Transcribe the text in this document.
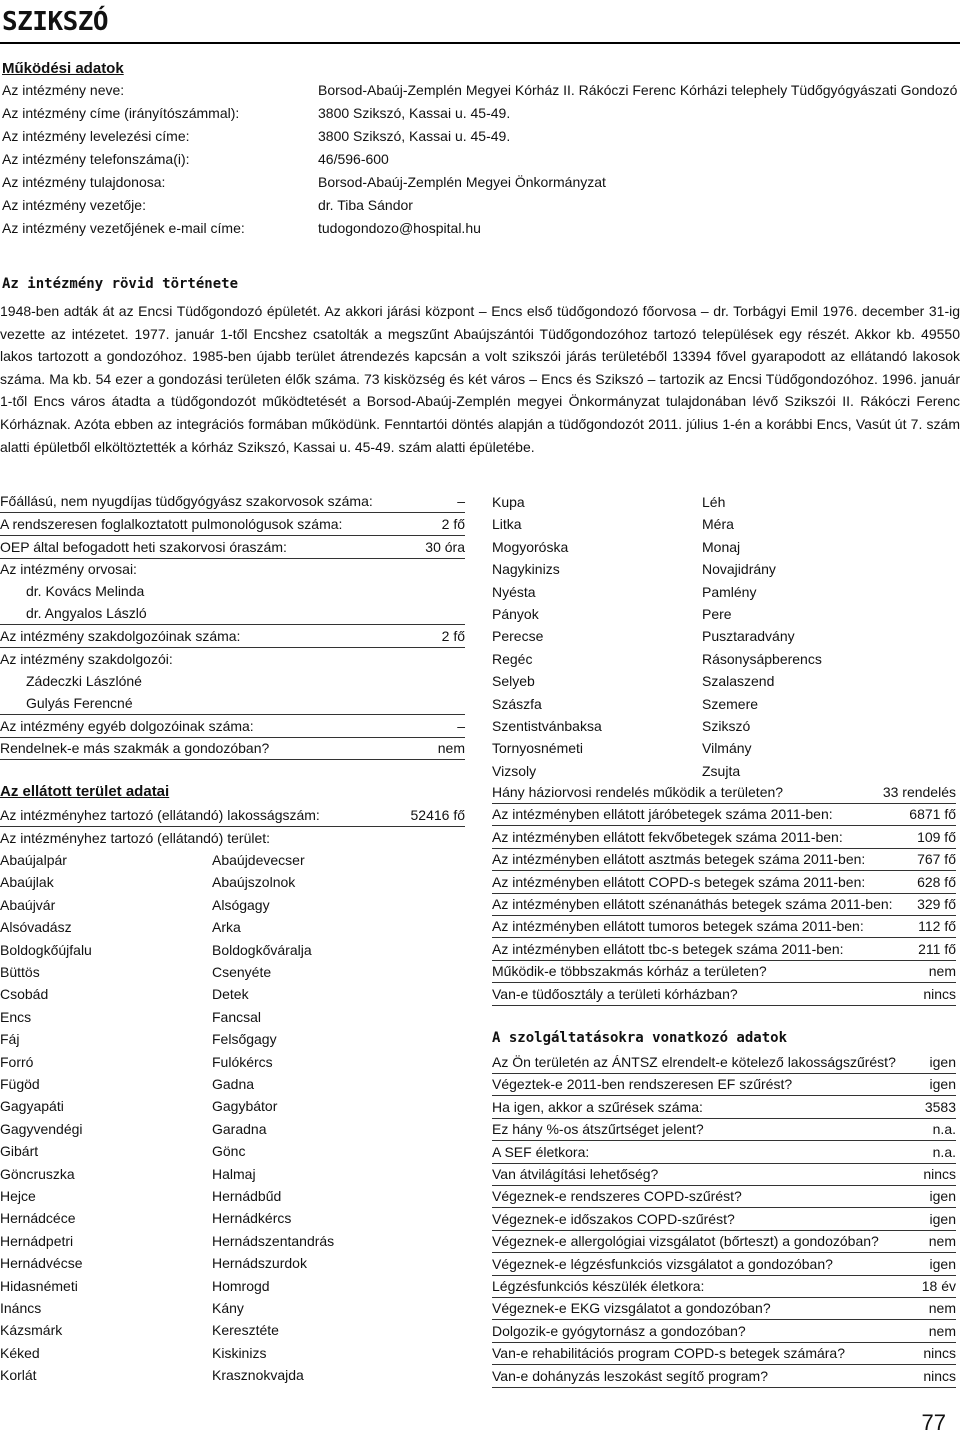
SZIKSZÓ
Működési adatok
Az intézmény neve:	Borsod-Abaúj-Zemplén Megyei Kórház II. Rákóczi Ferenc Kórházi telephely Tüdőgyógyászati Gondozó
Az intézmény címe (irányítószámmal):	3800 Szikszó, Kassai u. 45-49.
Az intézmény levelezési címe:	3800 Szikszó, Kassai u. 45-49.
Az intézmény telefonszáma(i):	46/596-600
Az intézmény tulajdonosa:	Borsod-Abaúj-Zemplén Megyei Önkormányzat
Az intézmény vezetője:	dr. Tiba Sándor
Az intézmény vezetőjének e-mail címe:	tudogondozo@hospital.hu
Az intézmény rövid története
1948-ben adták át az Encsi Tüdőgondozó épületét. Az akkori járási központ – Encs első tüdőgondozó főorvosa – dr. Torbágyi Emil 1976. december 31-ig vezette az intézetet. 1977. január 1-től Encshez csatolták a megszűnt Abaújszántói Tüdőgondozóhoz tartozó települések egy részét. Akkor kb. 49550 lakos tartozott a gondozóhoz. 1985-ben újabb terület átrendezés kapcsán a volt szikszói járás területéből 13394 fővel gyarapodott az ellátandó lakosok száma. Ma kb. 54 ezer a gondozási területen élők száma. 73 kisközség és két város – Encs és Szikszó – tartozik az Encsi Tüdőgondozóhoz. 1996. január 1-től Encs város átadta a tüdőgondozót működtetését a Borsod-Abaúj-Zemplén megyei Önkormányzat tulajdonában lévő Szikszói II. Rákóczi Ferenc Kórháznak. Azóta ebben az integrációs formában működünk. Fenntartói döntés alapján a tüdőgondozót 2011. július 1-én a korábbi Encs, Vasút út 7. szám alatti épületből elköltöztették a kórház Szikszó, Kassai u. 45-49. szám alatti épületébe.
Főállású, nem nyugdíjas tüdőgyógyász szakorvosok száma:	–
A rendszeresen foglalkoztatott pulmonológusok száma:	2 fő
OEP által befogadott heti szakorvosi óraszám:	30 óra
Az intézmény orvosai:
dr. Kovács Melinda
dr. Angyalos László
Az intézmény szakdolgozóinak száma:	2 fő
Az intézmény szakdolgozói:
Zádeczki Lászlóné
Gulyás Ferencné
Az intézmény egyéb dolgozóinak száma:	–
Rendelnek-e más szakmák a gondozóban?	nem
Az ellátott terület adatai
Az intézményhez tartozó (ellátandó) lakosságszám:	52416 fő
Az intézményhez tartozó (ellátandó) terület:
Abaújalpár	Abaújdevecser
Abaújlak	Abaújszolnok
Abaújvár	Alsógagy
Alsóvadász	Arka
Boldogkőújfalu	Boldogkőváralja
Büttös	Csenyéte
Csobád	Detek
Encs	Fancsal
Fáj	Felsőgagy
Forró	Fulókércs
Fügöd	Gadna
Gagyapáti	Gagybátor
Gagyvendégi	Garadna
Gibárt	Gönc
Göncruszka	Halmaj
Hejce	Hernádbűd
Hernádcéce	Hernádkércs
Hernádpetri	Hernádszentandrás
Hernádvécse	Hernádszurdok
Hidasnémeti	Homrogd
Ináncs	Kány
Kázsmárk	Keresztéte
Kéked	Kiskinizs
Korlát	Krasznokvajda
Kupa	Léh
Litka	Méra
Mogyoróska	Monaj
Nagykinizs	Novajidrány
Nyésta	Pamlény
Pányok	Pere
Perecse	Pusztaradvány
Regéc	Rásonysápberencs
Selyeb	Szalaszend
Szászfa	Szemere
Szentistvánbaksa	Szikszó
Tornyosnémeti	Vilmány
Vizsoly	Zsujta
Hány háziorvosi rendelés működik a területen?	33 rendelés
Az intézményben ellátott járóbetegek száma 2011-ben:	6871 fő
Az intézményben ellátott fekvőbetegek száma 2011-ben:	109 fő
Az intézményben ellátott asztmás betegek száma 2011-ben:	767 fő
Az intézményben ellátott COPD-s betegek száma 2011-ben:	628 fő
Az intézményben ellátott szénanáthás betegek száma 2011-ben: 329 fő
Az intézményben ellátott tumoros betegek száma 2011-ben:	112 fő
Az intézményben ellátott tbc-s betegek száma 2011-ben:	211 fő
Működik-e többszakmás kórház a területen?	nem
Van-e tüdőosztály a területi kórházban?	nincs
A szolgáltatásokra vonatkozó adatok
Az Ön területén az ÁNTSZ elrendelt-e kötelező lakosságszűrést? igen
Végeztek-e 2011-ben rendszeresen EF szűrést?	igen
Ha igen, akkor a szűrések száma:	3583
Ez hány %-os átszűrtséget jelent?	n.a.
A SEF életkora:	n.a.
Van átvilágítási lehetőség?	nincs
Végeznek-e rendszeres COPD-szűrést?	igen
Végeznek-e időszakos COPD-szűrést?	igen
Végeznek-e allergológiai vizsgálatot (bőrteszt) a gondozóban?	nem
Végeznek-e légzésfunkciós vizsgálatot a gondozóban?	igen
Légzésfunkciós készülék életkora:	18 év
Végeznek-e EKG vizsgálatot a gondozóban?	nem
Dolgozik-e gyógytornász a gondozóban?	nem
Van-e rehabilitációs program COPD-s betegek számára?	nincs
Van-e dohányzás leszokást segítő program?	nincs
77
